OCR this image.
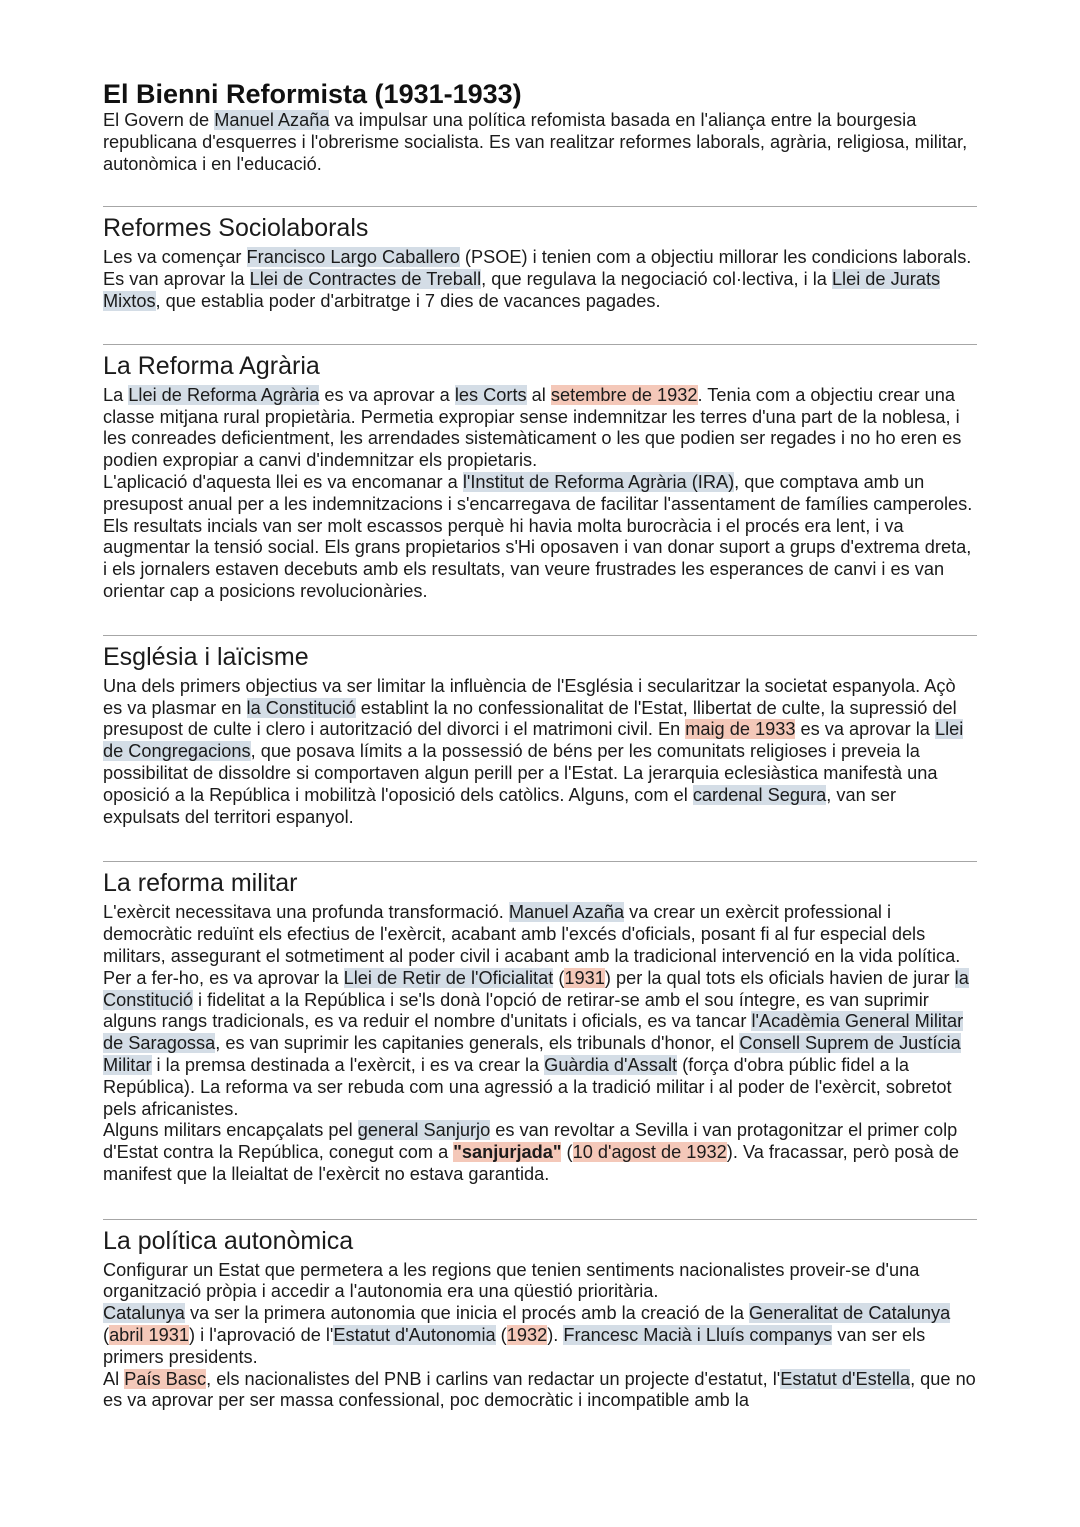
El Bienni Reformista (1931-1933)

El Govern de Manuel Azaña va impulsar una política refomista basada en l'aliança entre la bourgesia republicana d'esquerres i l'obrerisme socialista. Es van realitzar reformes laborals, agrària, religiosa, militar, autonòmica i en l'educació.

Reformes Sociolaborals

Les va començar Francisco Largo Caballero (PSOE) i tenien com a objectiu millorar les condicions laborals. Es van aprovar la Llei de Contractes de Treball, que regulava la negociació col·lectiva, i la Llei de Jurats Mixtos, que establia poder d'arbitratge i 7 dies de vacances pagades.

La Reforma Agrària

La Llei de Reforma Agrària es va aprovar a les Corts al setembre de 1932. Tenia com a objectiu crear una classe mitjana rural propietària. Permetia expropiar sense indemnitzar les terres d'una part de la noblesa, i les conreades deficientment, les arrendades sistemàticament o les que podien ser regades i no ho eren es podien expropiar a canvi d'indemnitzar els propietaris.

L'aplicació d'aquesta llei es va encomanar a l'Institut de Reforma Agrària (IRA), que comptava amb un presupost anual per a les indemnitzacions i s'encarregava de facilitar l'assentament de famílies camperoles. Els resultats incials van ser molt escassos perquè hi havia molta burocràcia i el procés era lent, i va augmentar la tensió social. Els grans propietarios s'Hi oposaven i van donar suport a grups d'extrema dreta, i els jornalers estaven decebuts amb els resultats, van veure frustrades les esperances de canvi i es van orientar cap a posicions revolucionàries.

Església i laïcisme

Una dels primers objectius va ser limitar la influència de l'Església i secularitzar la societat espanyola. Açò es va plasmar en la Constitució establint la no confessionalitat de l'Estat, llibertat de culte, la supressió del presupost de culte i clero i autorització del divorci i el matrimoni civil. En maig de 1933 es va aprovar la Llei de Congregacions, que posava límits a la possessió de béns per les comunitats religioses i preveia la possibilitat de dissoldre si comportaven algun perill per a l'Estat. La jerarquia eclesiàstica manifestà una oposició a la República i mobilitzà l'oposició dels catòlics. Alguns, com el cardenal Segura, van ser expulsats del territori espanyol.

La reforma militar

L'exèrcit necessitava una profunda transformació. Manuel Azaña va crear un exèrcit professional i democràtic reduïnt els efectius de l'exèrcit, acabant amb l'excés d'oficials, posant fi al fur especial dels militars, assegurant el sotmetiment al poder civil i acabant amb la tradicional intervenció en la vida política. Per a fer-ho, es va aprovar la Llei de Retir de l'Oficialitat (1931) per la qual tots els oficials havien de jurar la Constitució i fidelitat a la República i se'ls donà l'opció de retirar-se amb el sou íntegre, es van suprimir alguns rangs tradicionals, es va reduir el nombre d'unitats i oficials, es va tancar l'Acadèmia General Militar de Saragossa, es van suprimir les capitanies generals, els tribunals d'honor, el Consell Suprem de Justícia Militar i la premsa destinada a l'exèrcit, i es va crear la Guàrdia d'Assalt (força d'obra públic fidel a la República). La reforma va ser rebuda com una agressió a la tradició militar i al poder de l'exèrcit, sobretot pels africanistes.

Alguns militars encapçalats pel general Sanjurjo es van revoltar a Sevilla i van protagonitzar el primer colp d'Estat contra la República, conegut com a "sanjurjada" (10 d'agost de 1932). Va fracassar, però posà de manifest que la lleialtat de l'exèrcit no estava garantida.

La política autonòmica

Configurar un Estat que permetera a les regions que tenien sentiments nacionalistes proveir-se d'una organització pròpia i accedir a l'autonomia era una qüestió prioritària.

Catalunya va ser la primera autonomia que inicia el procés amb la creació de la Generalitat de Catalunya (abril 1931) i l'aprovació de l'Estatut d'Autonomia (1932). Francesc Macià i Lluís companys van ser els primers presidents.

Al País Basc, els nacionalistes del PNB i carlins van redactar un projecte d'estatut, l'Estatut d'Estella, que no es va aprovar per ser massa confessional, poc democràtic i incompatible amb la
